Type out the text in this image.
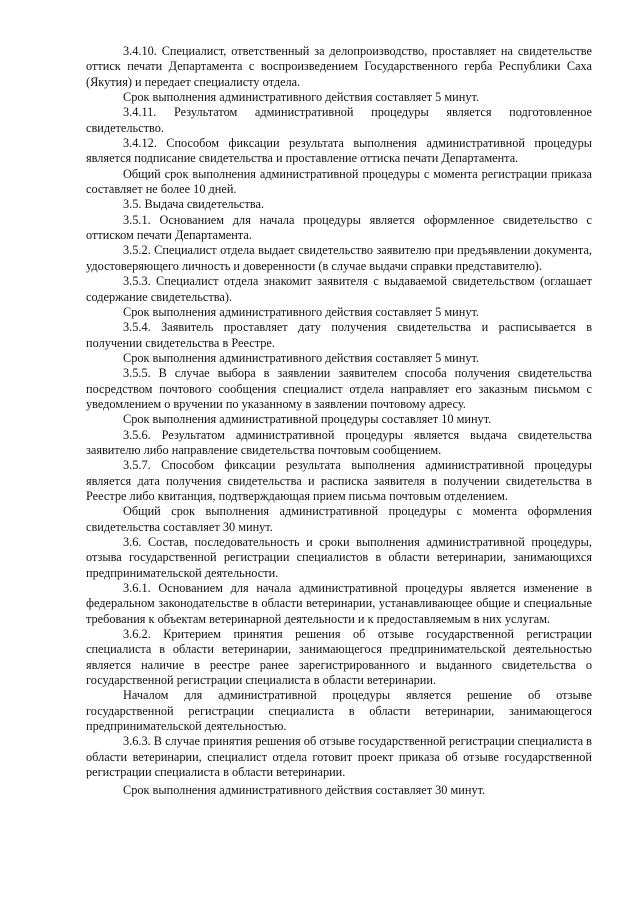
3.4.10. Специалист, ответственный за делопроизводство, проставляет на свидетельстве оттиск печати Департамента с воспроизведением Государственного герба Республики Саха (Якутия) и передает специалисту отдела.

Срок выполнения административного действия составляет 5 минут.

3.4.11. Результатом административной процедуры является подготовленное свидетельство.

3.4.12. Способом фиксации результата выполнения административной процедуры является подписание свидетельства и проставление оттиска печати Департамента.

Общий срок выполнения административной процедуры с момента регистрации приказа составляет не более 10 дней.

3.5. Выдача свидетельства.

3.5.1. Основанием для начала процедуры является оформленное свидетельство с оттиском печати Департамента.

3.5.2. Специалист отдела выдает свидетельство заявителю при предъявлении документа, удостоверяющего личность и доверенности (в случае выдачи справки представителю).

3.5.3. Специалист отдела знакомит заявителя с выдаваемой свидетельством (оглашает содержание свидетельства).

Срок выполнения административного действия составляет 5 минут.

3.5.4. Заявитель проставляет дату получения свидетельства и расписывается в получении свидетельства в Реестре.

Срок выполнения административного действия составляет 5 минут.

3.5.5. В случае выбора в заявлении заявителем способа получения свидетельства посредством почтового сообщения специалист отдела направляет его заказным письмом с уведомлением о вручении по указанному в заявлении почтовому адресу.

Срок выполнения административной процедуры составляет 10 минут.

3.5.6. Результатом административной процедуры является выдача свидетельства заявителю либо направление свидетельства почтовым сообщением.

3.5.7. Способом фиксации результата выполнения административной процедуры является дата получения свидетельства и расписка заявителя в получении свидетельства в Реестре либо квитанция, подтверждающая прием письма почтовым отделением.

Общий срок выполнения административной процедуры с момента оформления свидетельства составляет 30 минут.

3.6. Состав, последовательность и сроки выполнения административной процедуры, отзыва государственной регистрации специалистов в области ветеринарии, занимающихся предпринимательской деятельности.

3.6.1. Основанием для начала административной процедуры является изменение в федеральном законодательстве в области ветеринарии, устанавливающее общие и специальные требования к объектам ветеринарной деятельности и к предоставляемым в них услугам.

3.6.2. Критерием принятия решения об отзыве государственной регистрации специалиста в области ветеринарии, занимающегося предпринимательской деятельностью является наличие в реестре ранее зарегистрированного и выданного свидетельства о государственной регистрации специалиста в области ветеринарии.

Началом для административной процедуры является решение об отзыве государственной регистрации специалиста в области ветеринарии, занимающегося предпринимательской деятельностью.

3.6.3. В случае принятия решения об отзыве государственной регистрации специалиста в области ветеринарии, специалист отдела готовит проект приказа об отзыве государственной регистрации специалиста в области ветеринарии.

Срок выполнения административного действия составляет 30 минут.
